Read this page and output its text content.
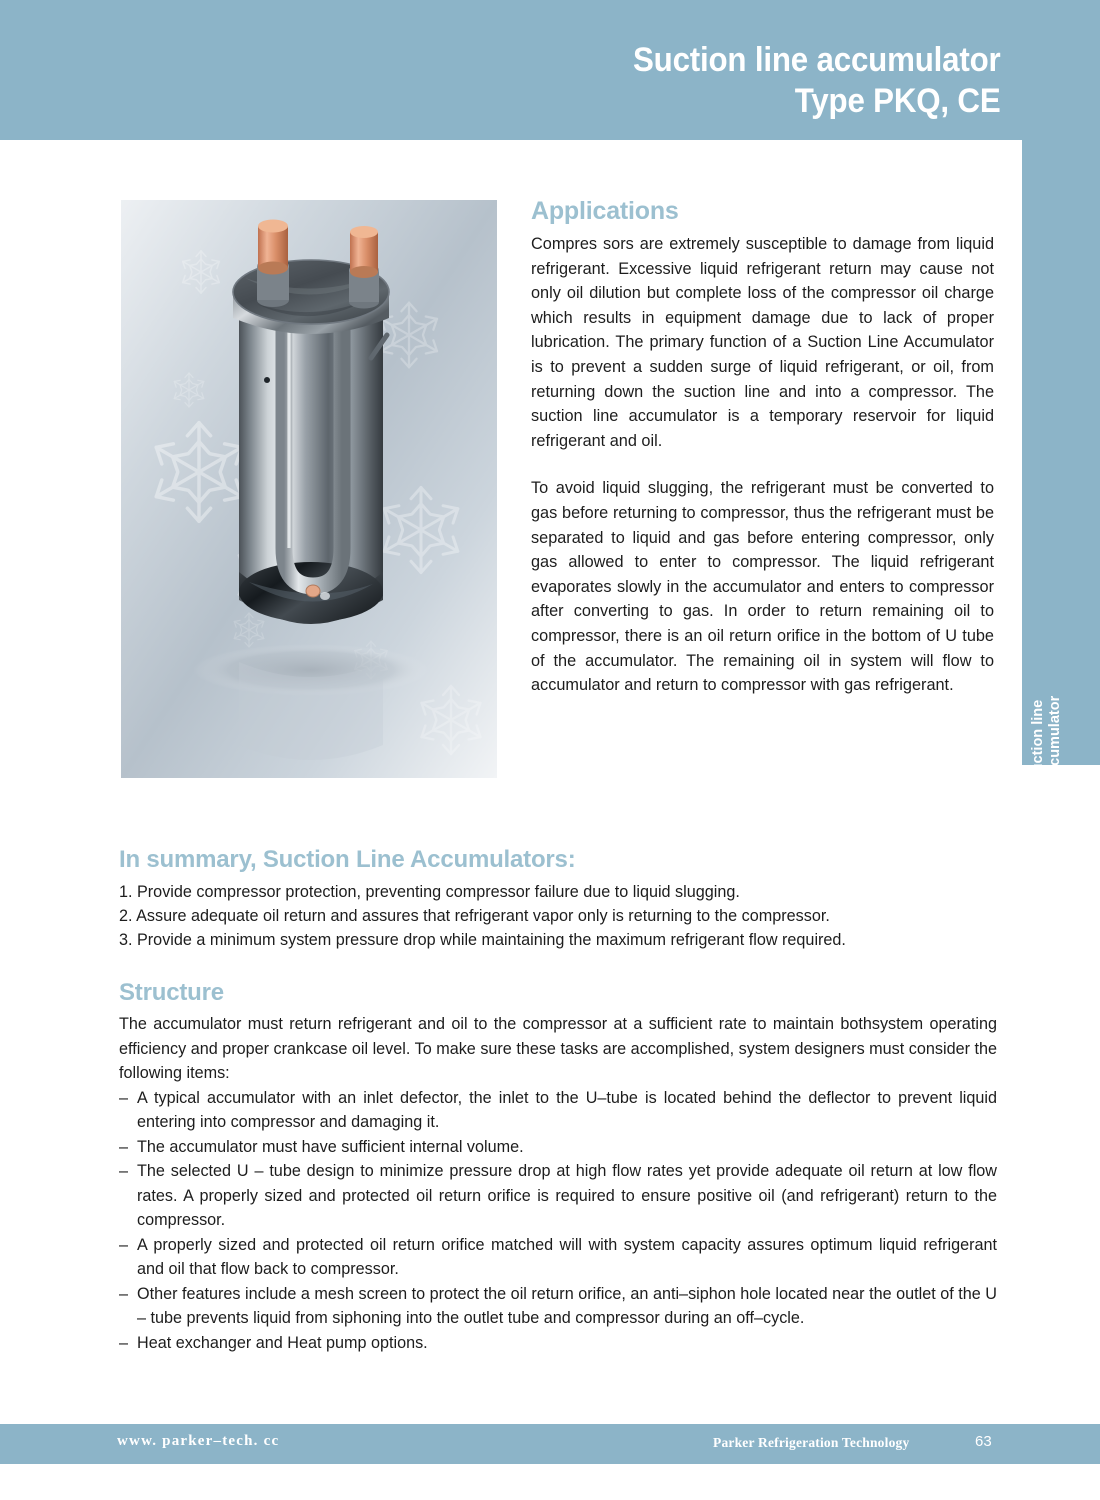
Suction line accumulator
Type PKQ, CE
Suction line accumulator
Applications

Compres sors are extremely susceptible to damage from liquid refrigerant. Excessive liquid refrigerant return may cause not only oil dilution but complete loss of the compressor oil charge which results in equipment damage due to lack of proper lubrication. The primary function of a Suction Line Accumulator is to prevent a sudden surge of liquid refrigerant, or oil, from returning down the suction line and into a compressor. The suction line accumulator is a temporary reservoir for liquid refrigerant and oil.

To avoid liquid slugging, the refrigerant must be converted to gas before returning to compressor, thus the refrigerant must be separated to liquid and gas before entering compressor, only gas allowed to enter to compressor. The liquid refrigerant evaporates slowly in the accumulator and enters to compressor after converting to gas. In order to return remaining oil to compressor, there is an oil return orifice in the bottom of U tube of the accumulator. The remaining oil in system will flow to accumulator and return to compressor with gas refrigerant.

In summary, Suction Line Accumulators:
1. Provide compressor protection, preventing compressor failure due to liquid slugging.
2. Assure adequate oil return and assures that refrigerant vapor only is returning to the compressor.
3. Provide a minimum system pressure drop while maintaining the maximum refrigerant flow required.
Structure

The accumulator must return refrigerant and oil to the compressor at a sufficient rate to maintain bothsystem operating efficiency and proper crankcase oil level. To make sure these tasks are accomplished, system designers must consider the following items:

– A typical accumulator with an inlet defector, the inlet to the U–tube is located behind the deflector to prevent liquid entering into compressor and damaging it.
– The accumulator must have sufficient internal volume.
– The selected U – tube design to minimize pressure drop at high flow rates yet provide adequate oil return at low flow rates. A properly sized and protected oil return orifice is required to ensure positive oil (and refrigerant) return to the compressor.
– A properly sized and protected oil return orifice matched will with system capacity assures optimum liquid refrigerant and oil that flow back to compressor.
– Other features include a mesh screen to protect the oil return orifice, an anti–siphon hole located near the outlet of the U – tube prevents liquid from siphoning into the outlet tube and compressor during an off–cycle.
– Heat exchanger and Heat pump options.
www. parker–tech. cc	Parker Refrigeration Technology	63
